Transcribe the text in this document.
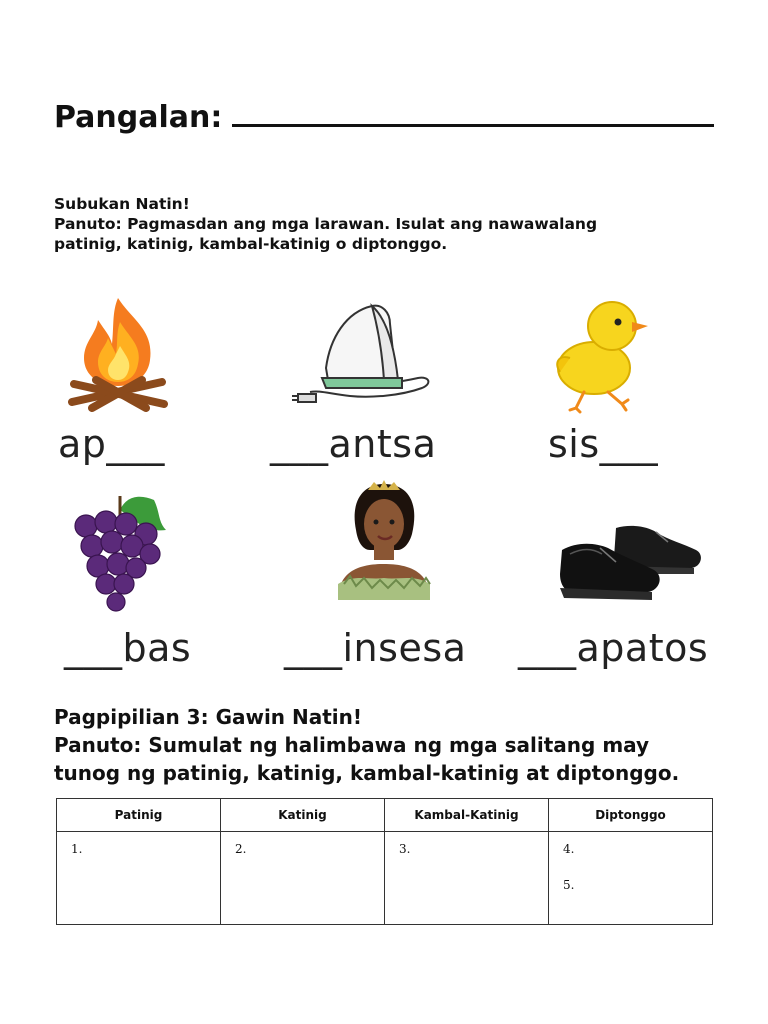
Pangalan:
Subukan Natin!
Panuto: Pagmasdan ang mga larawan. Isulat ang nawawalang
patinig, katinig, kambal-katinig o diptonggo.
ap___	___antsa	sis___
___bas ___insesa ___apatos
Pagpipilian 3: Gawin Natin!
Panuto: Sumulat ng halimbawa ng mga salitang may
tunog ng patinig, katinig, kambal-katinig at diptonggo.
Patinig	Katinig	Kambal-Katinig	Diptonggo

1.	2.	3.	4.
5.
